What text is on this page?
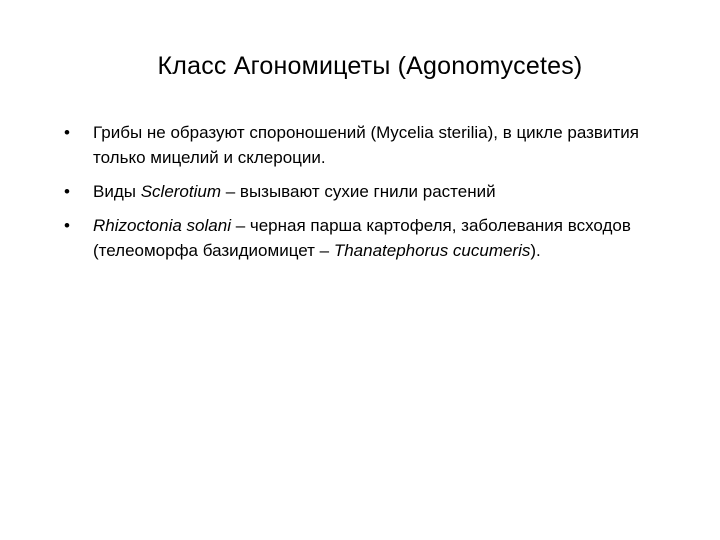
Класс Агономицеты (Agonomycetes)
• Грибы не образуют спороношений (Mycelia sterilia), в цикле развития только мицелий и склероции.
• Виды Sclerotium – вызывают сухие гнили растений
• Rhizoctonia solani – черная парша картофеля, заболевания всходов (телеоморфа базидиомицет – Thanatephorus cucumeris).
